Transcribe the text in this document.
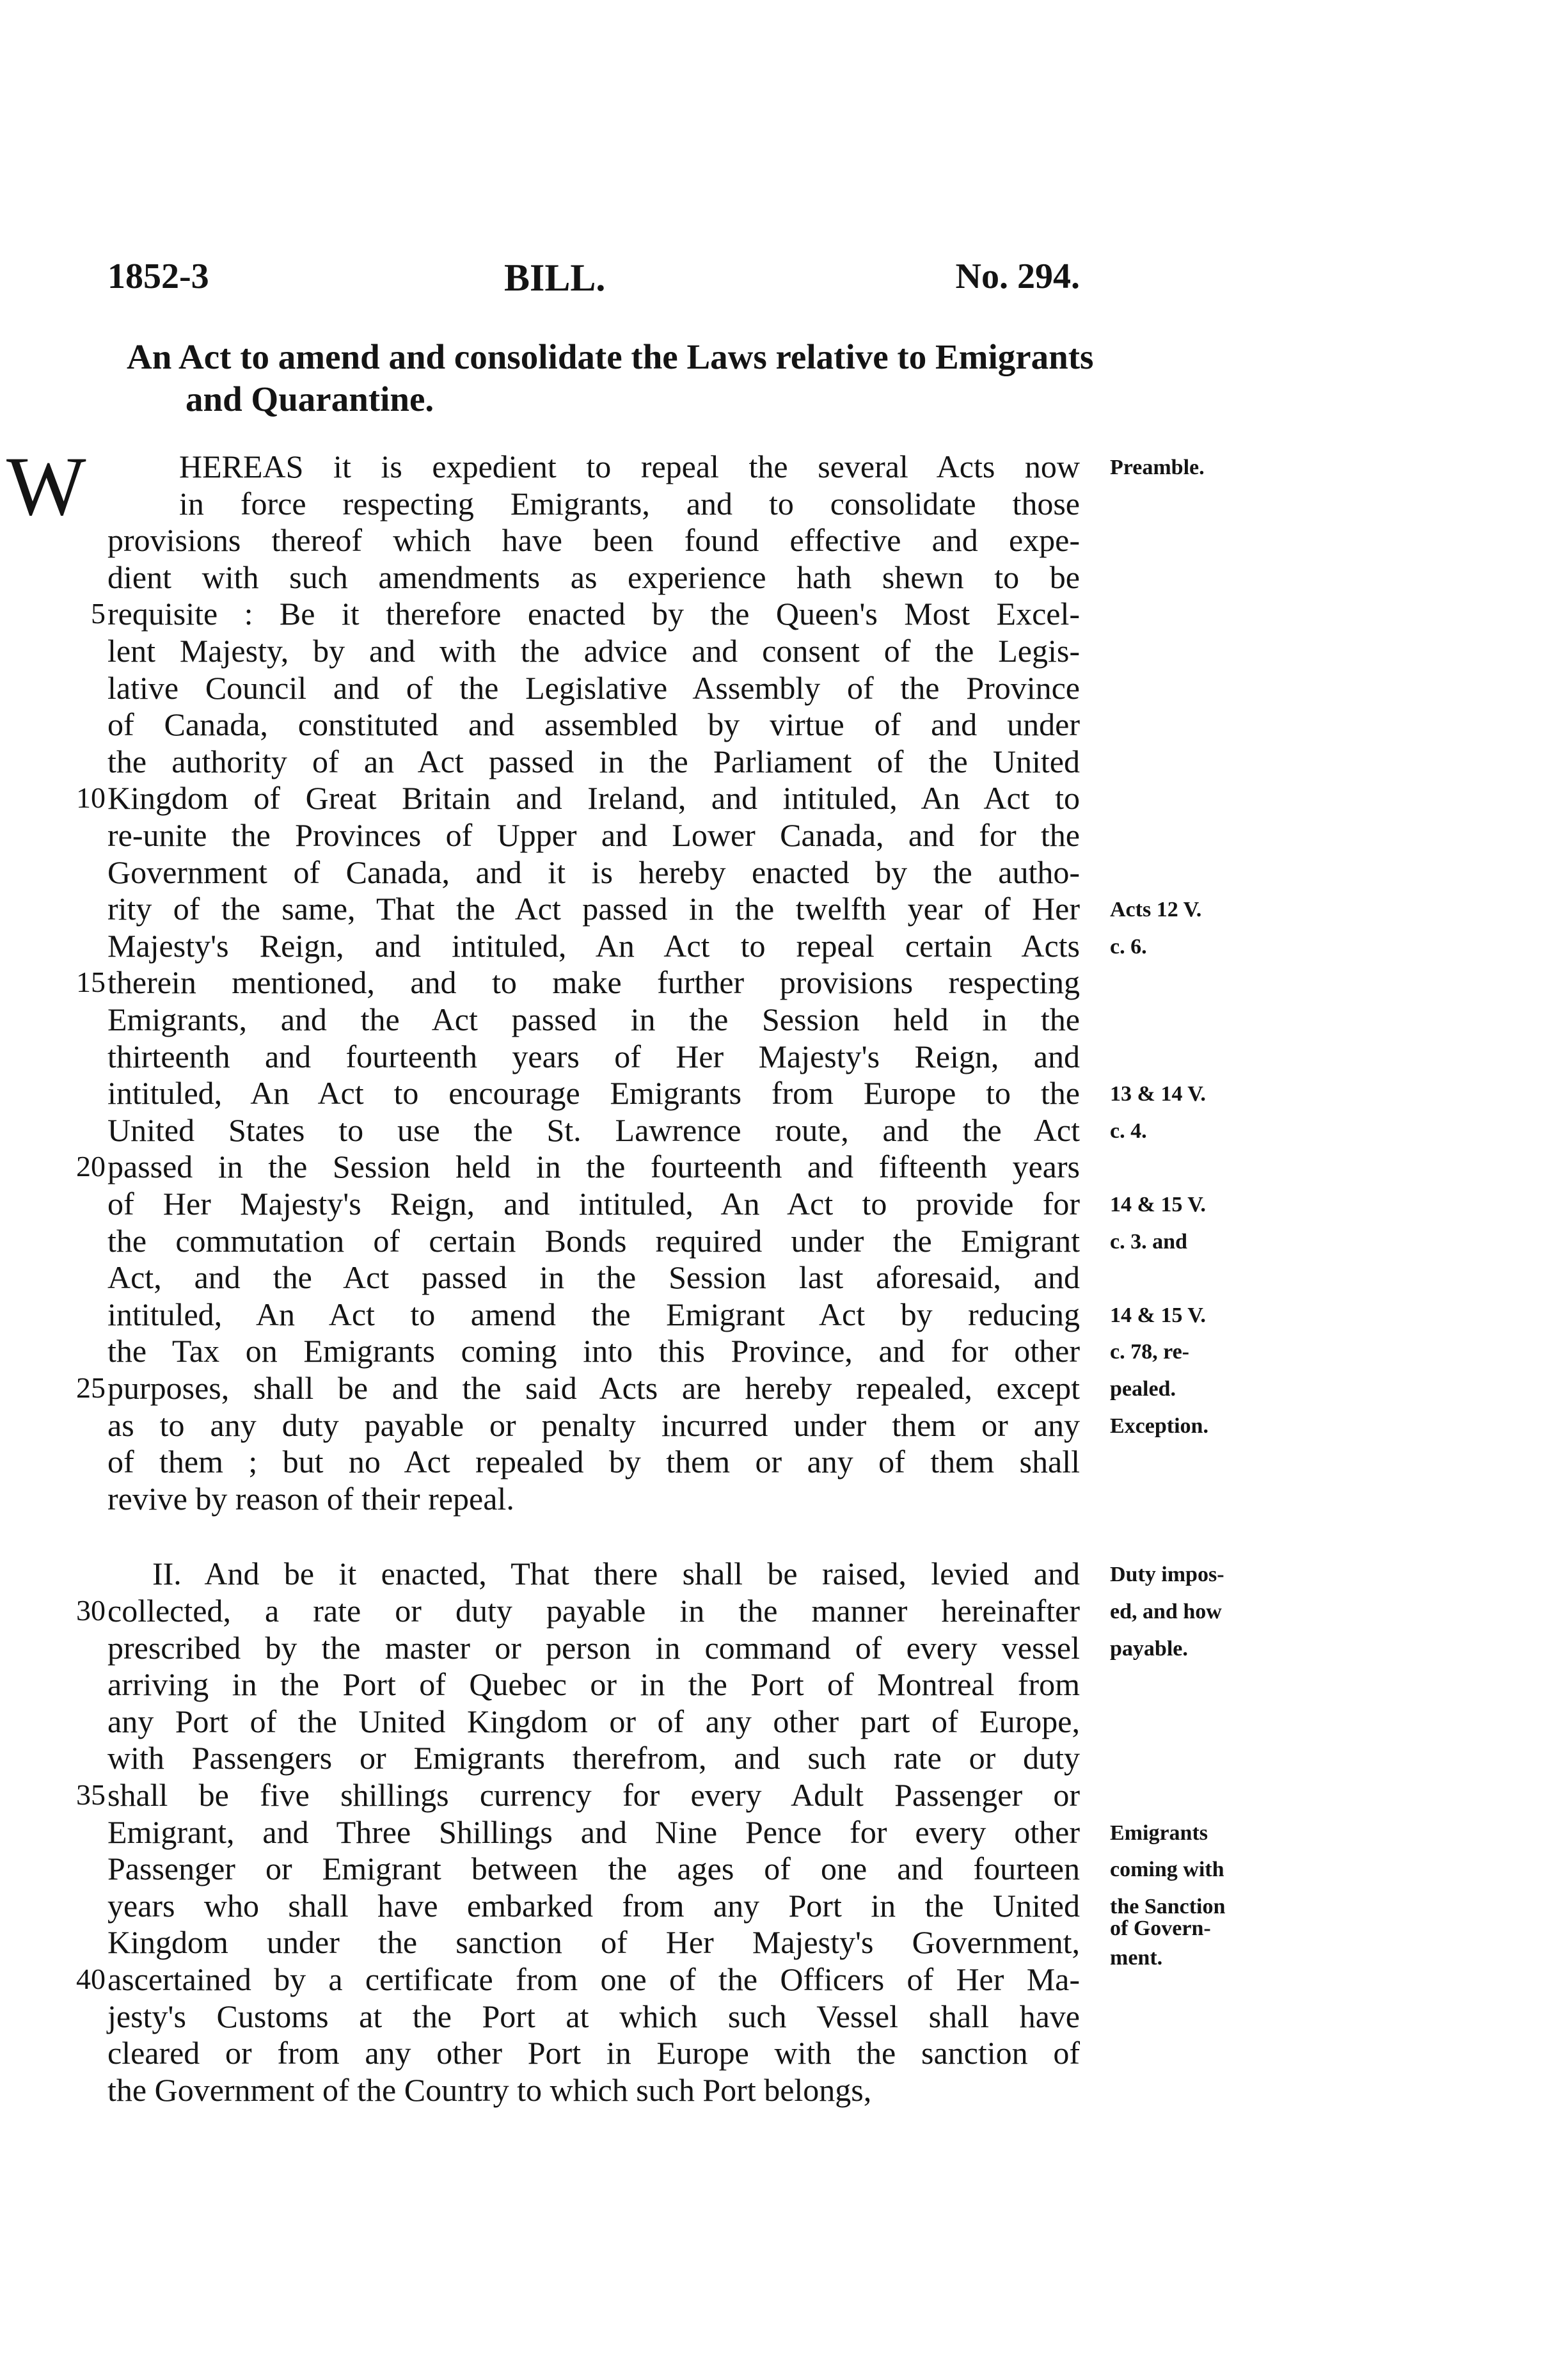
1852-3	BILL.	No. 294.
An Act to amend and consolidate the Laws relative to Emigrants and Quarantine.
W	HEREAS it is expedient to repeal the several Acts now
in force respecting Emigrants, and to consolidate those
provisions thereof which have been found effective and expe-
dient with such amendments as experience hath shewn to be
5 requisite : Be it therefore enacted by the Queen's Most Excel-
lent Majesty, by and with the advice and consent of the Legis-
lative Council and of the Legislative Assembly of the Province
of Canada, constituted and assembled by virtue of and under
the authority of an Act passed in the Parliament of the United
10 Kingdom of Great Britain and Ireland, and intituled, An Act to
re-unite the Provinces of Upper and Lower Canada, and for the
Government of Canada, and it is hereby enacted by the autho-
rity of the same, That the Act passed in the twelfth year of Her
Majesty's Reign, and intituled, An Act to repeal certain Acts
15 therein mentioned, and to make further provisions respecting
Emigrants, and the Act passed in the Session held in the
thirteenth and fourteenth years of Her Majesty's Reign, and
intituled, An Act to encourage Emigrants from Europe to the
United States to use the St. Lawrence route, and the Act
20 passed in the Session held in the fourteenth and fifteenth years
of Her Majesty's Reign, and intituled, An Act to provide for
the commutation of certain Bonds required under the Emigrant
Act, and the Act passed in the Session last aforesaid, and
intituled, An Act to amend the Emigrant Act by reducing
the Tax on Emigrants coming into this Province, and for other
25 purposes, shall be and the said Acts are hereby repealed, except
as to any duty payable or penalty incurred under them or any
of them ; but no Act repealed by them or any of them shall
revive by reason of their repeal.
II. And be it enacted, That there shall be raised, levied and
30 collected, a rate or duty payable in the manner hereinafter
prescribed by the master or person in command of every vessel
arriving in the Port of Quebec or in the Port of Montreal from
any Port of the United Kingdom or of any other part of Europe,
with Passengers or Emigrants therefrom, and such rate or duty
35 shall be five shillings currency for every Adult Passenger or
Emigrant, and Three Shillings and Nine Pence for every other
Passenger or Emigrant between the ages of one and fourteen
years who shall have embarked from any Port in the United
Kingdom under the sanction of Her Majesty's Government,
40 ascertained by a certificate from one of the Officers of Her Ma-
jesty's Customs at the Port at which such Vessel shall have
cleared or from any other Port in Europe with the sanction of
the Government of the Country to which such Port belongs,
Preamble.
Acts 12 V.
c. 6.
13 & 14 V.
c. 4.
14 & 15 V.
c. 3. and
14 & 15 V.
c. 78, re-
pealed.
Exception.
Duty impos-
ed, and how
payable.
Emigrants
coming with
the Sanction
of Govern-
ment.
